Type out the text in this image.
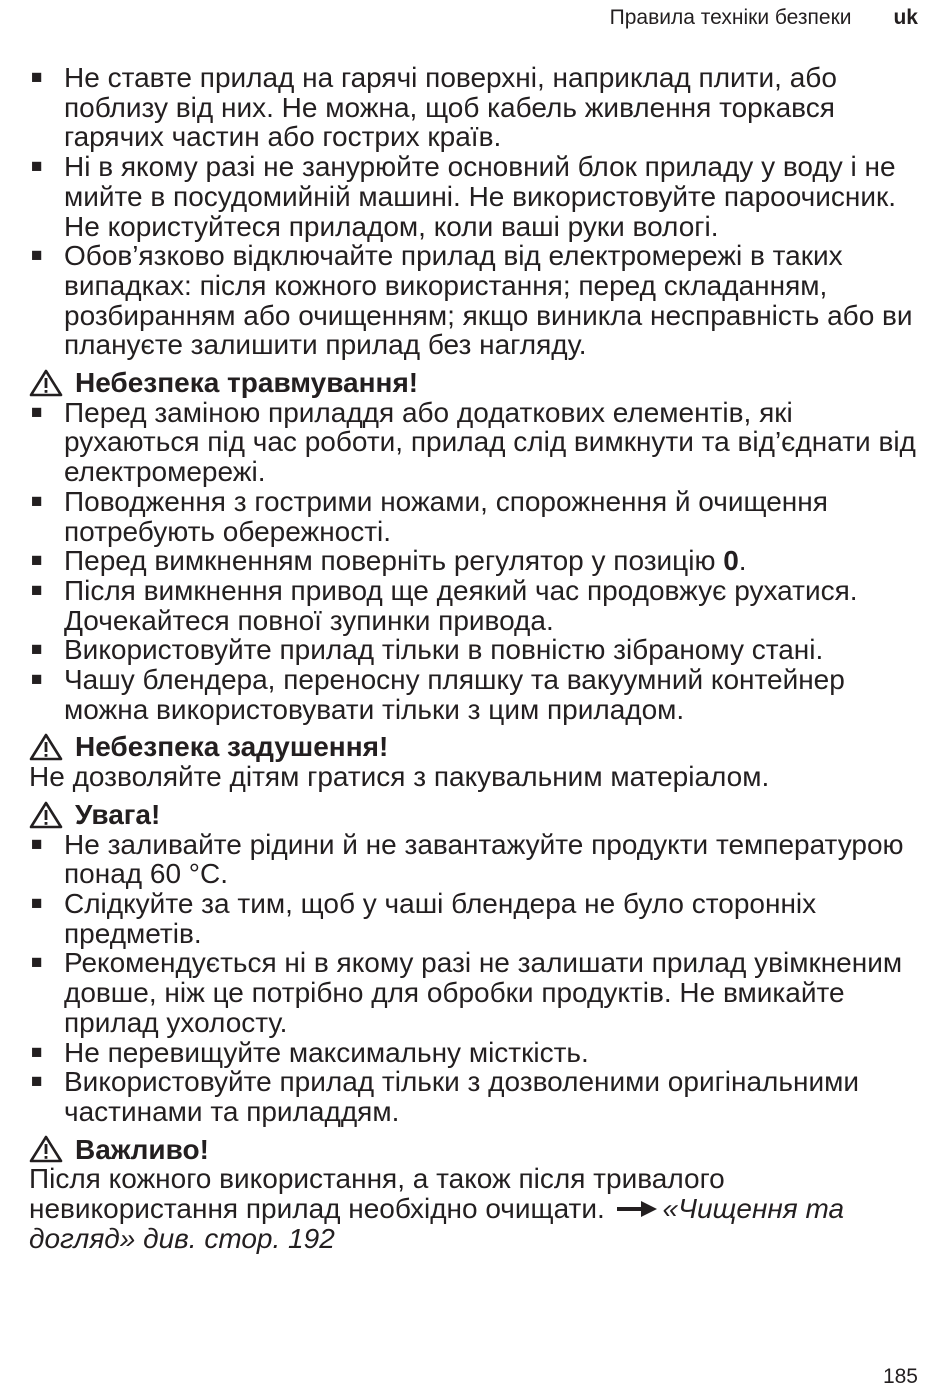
Правила техніки безпеки uk
■ Не ставте прилад на гарячі поверхні, наприклад плити, або поблизу від них. Не можна, щоб кабель живлення торкався гарячих частин або гострих країв.
■ Ні в якому разі не занурюйте основний блок приладу у воду і не мийте в посудомийній машині. Не використовуйте пароочисник. Не користуйтеся приладом, коли ваші руки вологі.
■ Обов’язково відключайте прилад від електромережі в таких випадках: після кожного використання; перед складанням, розбиранням або очищенням; якщо виникла несправність або ви плануєте залишити прилад без нагляду.
Небезпека травмування!
■ Перед заміною приладдя або додаткових елементів, які рухаються під час роботи, прилад слід вимкнути та від’єднати від електромережі.
■ Поводження з гострими ножами, спорожнення й очищення потребують обережності.
■ Перед вимкненням поверніть регулятор у позицію 0.
■ Після вимкнення привод ще деякий час продовжує рухатися. Дочекайтеся повної зупинки привода.
■ Використовуйте прилад тільки в повністю зібраному стані.
■ Чашу блендера, переносну пляшку та вакуумний контейнер можна використовувати тільки з цим приладом.
Небезпека задушення!
Не дозволяйте дітям гратися з пакувальним матеріалом.
Увага!
■ Не заливайте рідини й не завантажуйте продукти температурою понад 60 °C.
■ Слідкуйте за тим, щоб у чаші блендера не було сторонніх предметів.
■ Рекомендується ні в якому разі не залишати прилад увімкненим довше, ніж це потрібно для обробки продуктів. Не вмикайте прилад ухолосту.
■ Не перевищуйте максимальну місткість.
■ Використовуйте прилад тільки з дозволеними оригінальними частинами та приладдям.
Важливо!
Після кожного використання, а також після тривалого невикористання прилад необхідно очищати. «Чищення та догляд» див. стор. 192
185
